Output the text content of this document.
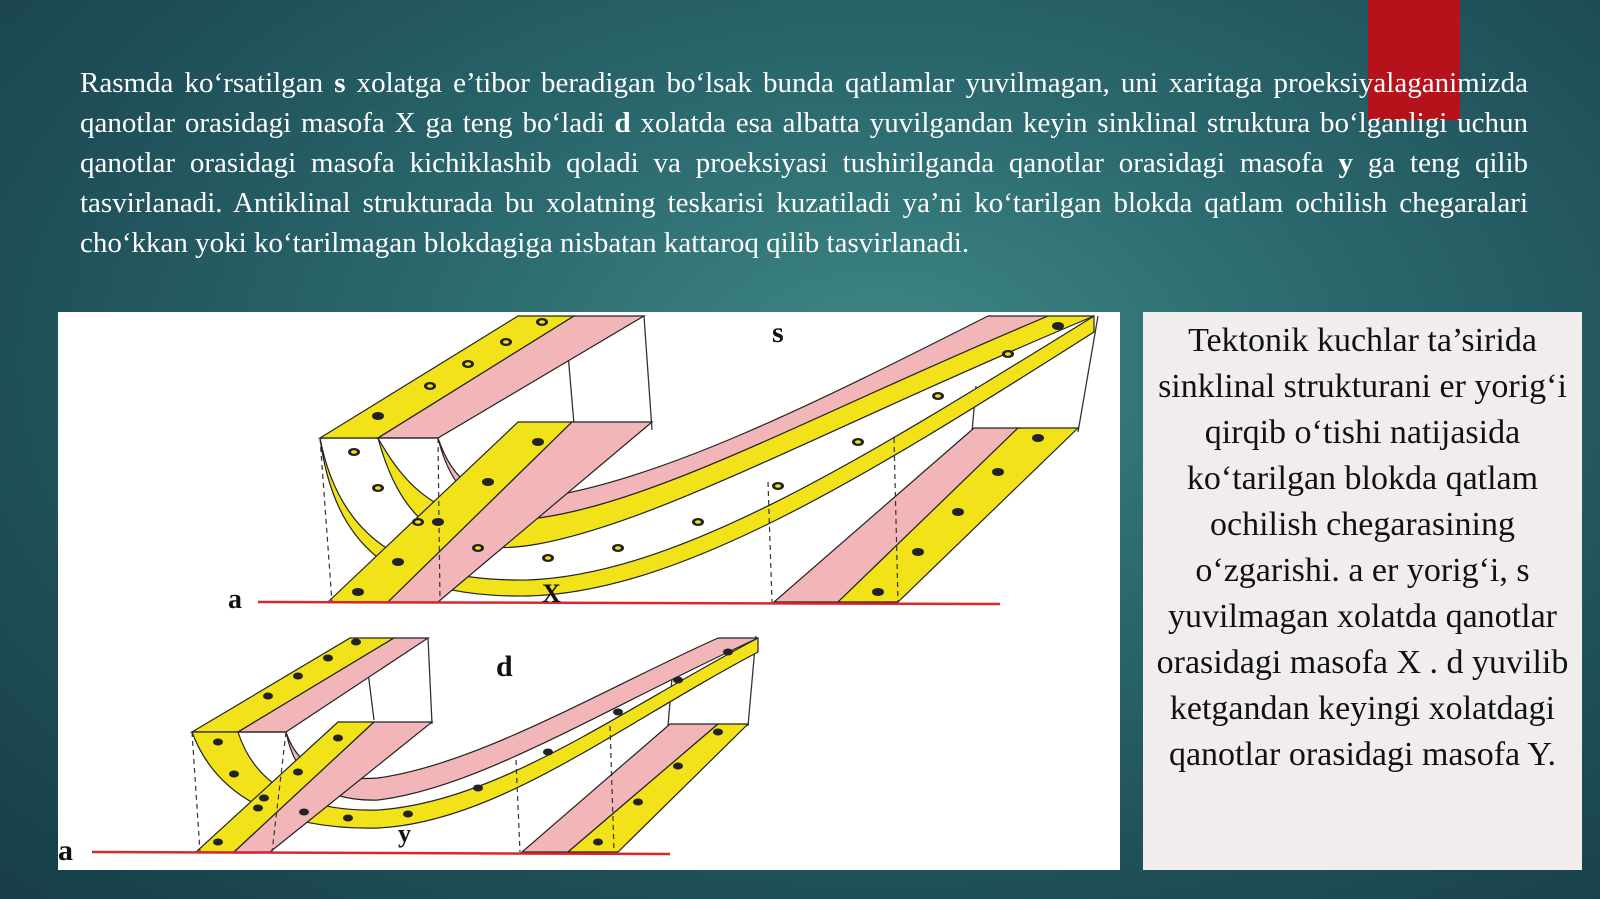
Rasmda ko‘rsatilgan s xolatga e’tibor beradigan bo‘lsak bunda qatlamlar yuvilmagan, uni xaritaga proeksiyalaganimizda qanotlar orasidagi masofa X ga teng bo‘ladi d xolatda esa albatta yuvilgandan keyin sinklinal struktura bo‘lganligi uchun qanotlar orasidagi masofa kichiklashib qoladi va proeksiyasi tushirilganda qanotlar orasidagi masofa y ga teng qilib tasvirlanadi. Antiklinal strukturada bu xolatning teskarisi kuzatiladi ya’ni ko‘tarilgan blokda qatlam ochilish chegaralari cho‘kkan yoki ko‘tarilmagan blokdagiga nisbatan kattaroq qilib tasvirlanadi.

s
a	X
d
a
y
Tektonik kuchlar ta’sirida sinklinal strukturani er yorig‘i qirqib o‘tishi natijasida ko‘tarilgan blokda qatlam ochilish chegarasining o‘zgarishi. a er yorig‘i, s yuvilmagan xolatda qanotlar orasidagi masofa X . d yuvilib ketgandan keyingi xolatdagi qanotlar orasidagi masofa Y.
